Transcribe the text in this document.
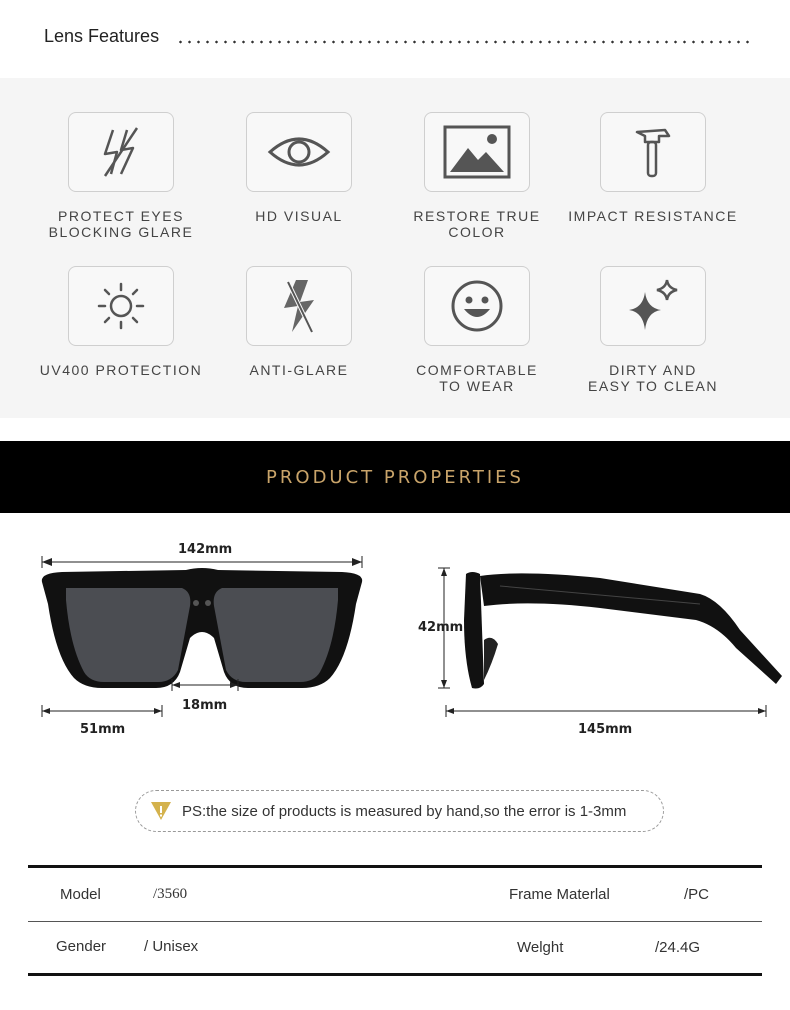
Lens Features
PROTECT EYES
BLOCKING GLARE
HD VISUAL	RESTORE TRUE COLOR
IMPACT RESISTANCE
UV400 PROTECTION	ANTI-GLARE	COMFORTABLE
TO WEAR
DIRTY AND
EASY TO CLEAN
PRODUCT PROPERTIES
142mm
18mm
51mm
42mm
145mm
PS:the size of products is measured by hand,so the error is 1-3mm
Model	/3560	Frame Materlal	/PC
Gender	/ Unisex	Welght	/24.4G
